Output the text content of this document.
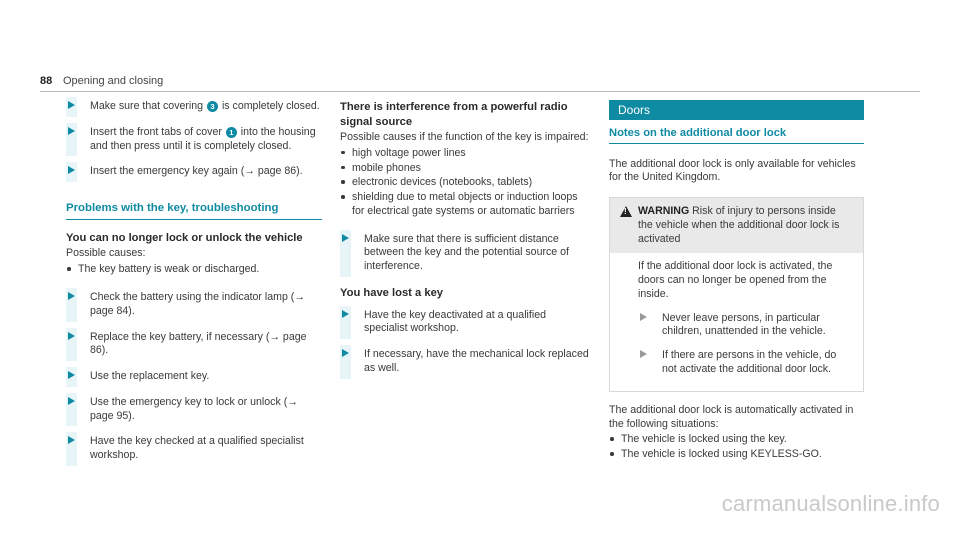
88 Opening and closing
Make sure that covering 3 is completely closed.
Insert the front tabs of cover 1 into the housing and then press until it is completely closed.
Insert the emergency key again (→ page 86).
Problems with the key, troubleshooting
You can no longer lock or unlock the vehicle
Possible causes:
The key battery is weak or discharged.
Check the battery using the indicator lamp (→ page 84).
Replace the key battery, if necessary (→ page 86).
Use the replacement key.
Use the emergency key to lock or unlock (→ page 95).
Have the key checked at a qualified specialist workshop.
There is interference from a powerful radio signal source
Possible causes if the function of the key is impaired:
high voltage power lines
mobile phones
electronic devices (notebooks, tablets)
shielding due to metal objects or induction loops for electrical gate systems or automatic barriers
Make sure that there is sufficient distance between the key and the potential source of interference.
You have lost a key
Have the key deactivated at a qualified specialist workshop.
If necessary, have the mechanical lock replaced as well.
Doors
Notes on the additional door lock
The additional door lock is only available for vehicles for the United Kingdom.
!
WARNING Risk of injury to persons inside the vehicle when the additional door lock is activated
If the additional door lock is activated, the doors can no longer be opened from the inside.
Never leave persons, in particular children, unattended in the vehicle.
If there are persons in the vehicle, do not activate the additional door lock.
The additional door lock is automatically activated in the following situations:
The vehicle is locked using the key.
The vehicle is locked using KEYLESS-GO.
carmanualsonline.info
